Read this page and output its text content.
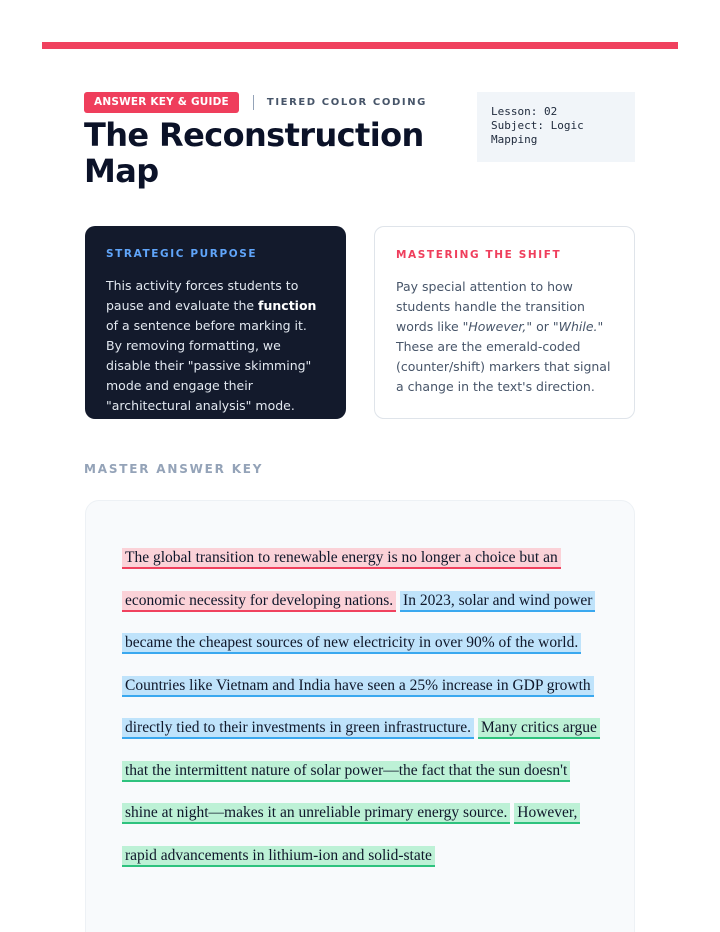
ANSWER KEY & GUIDE	TIERED COLOR CODING
The Reconstruction Map
Lesson: 02
Subject: Logic Mapping
STRATEGIC PURPOSE

This activity forces students to pause and evaluate the function of a sentence before marking it. By removing formatting, we disable their "passive skimming" mode and engage their "architectural analysis" mode.

MASTERING THE SHIFT

Pay special attention to how students handle the transition words like "However," or "While." These are the emerald-coded (counter/shift) markers that signal a change in the text's direction.

MASTER ANSWER KEY

The global transition to renewable energy is no longer a choice but an economic necessity for developing nations. In 2023, solar and wind power became the cheapest sources of new electricity in over 90% of the world. Countries like Vietnam and India have seen a 25% increase in GDP growth directly tied to their investments in green infrastructure. Many critics argue that the intermittent nature of solar power—the fact that the sun doesn't shine at night—makes it an unreliable primary energy source. However, rapid advancements in lithium-ion and solid-state
